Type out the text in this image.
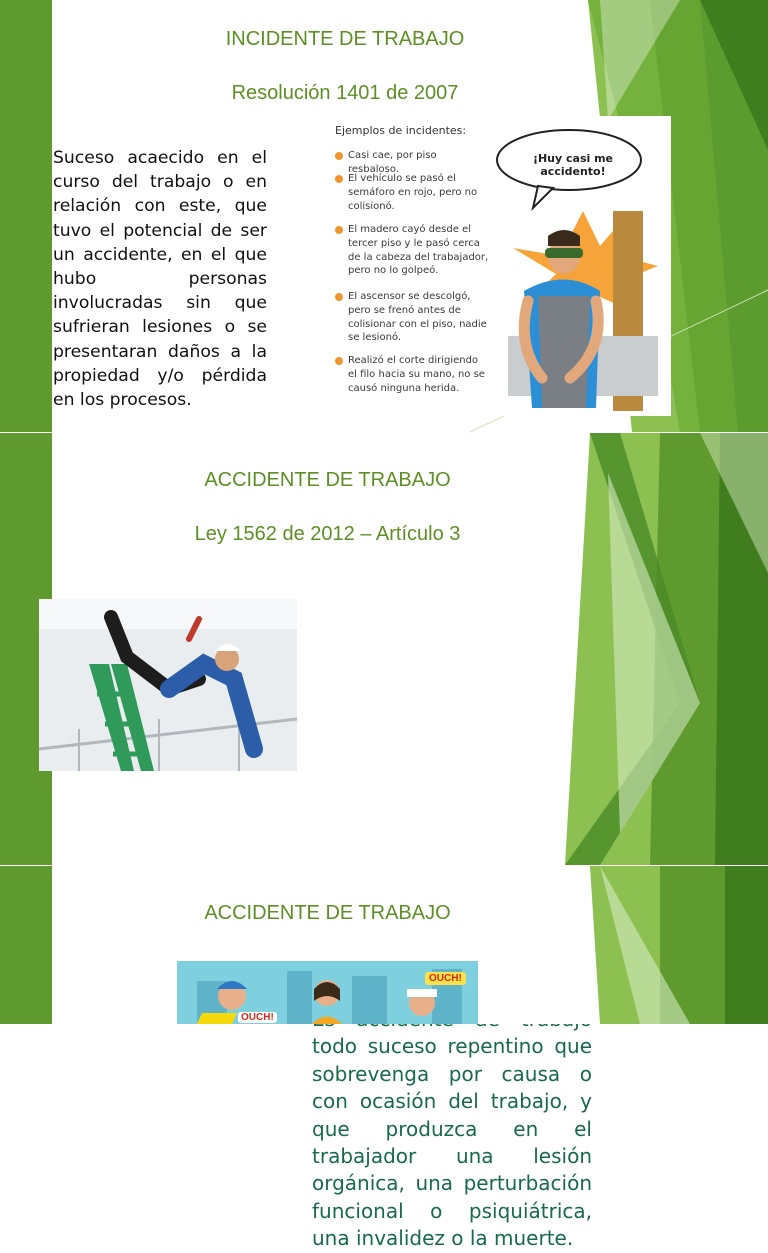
INCIDENTE DE TRABAJO
Resolución 1401 de 2007
Suceso acaecido en el curso del trabajo o en relación con este, que tuvo el potencial de ser un accidente, en el que hubo personas involucradas sin que sufrieran lesiones o se presentaran daños a la propiedad y/o pérdida en los procesos.
Ejemplos de incidentes:
Casi cae, por piso resbaloso.
El vehículo se pasó el semáforo en rojo, pero no colisionó.
El madero cayó desde el tercer piso y le pasó cerca de la cabeza del trabajador, pero no lo golpeó.
El ascensor se descolgó, pero se frenó antes de colisionar con el piso, nadie se lesionó.
Realizó el corte dirigiendo el filo hacia su mano, no se causó ninguna herida.
¡Huy casi me accidento!
ACCIDENTE DE TRABAJO
Ley 1562 de 2012 – Artículo 3
todo suceso repentino que sobrevenga por causa o con ocasión del trabajo, y que produzca en el trabajador una lesión orgánica, una perturbación funcional o psiquiátrica, una invalidez o la muerte.
ACCIDENTE DE TRABAJO
OUCH!
OUCH!
